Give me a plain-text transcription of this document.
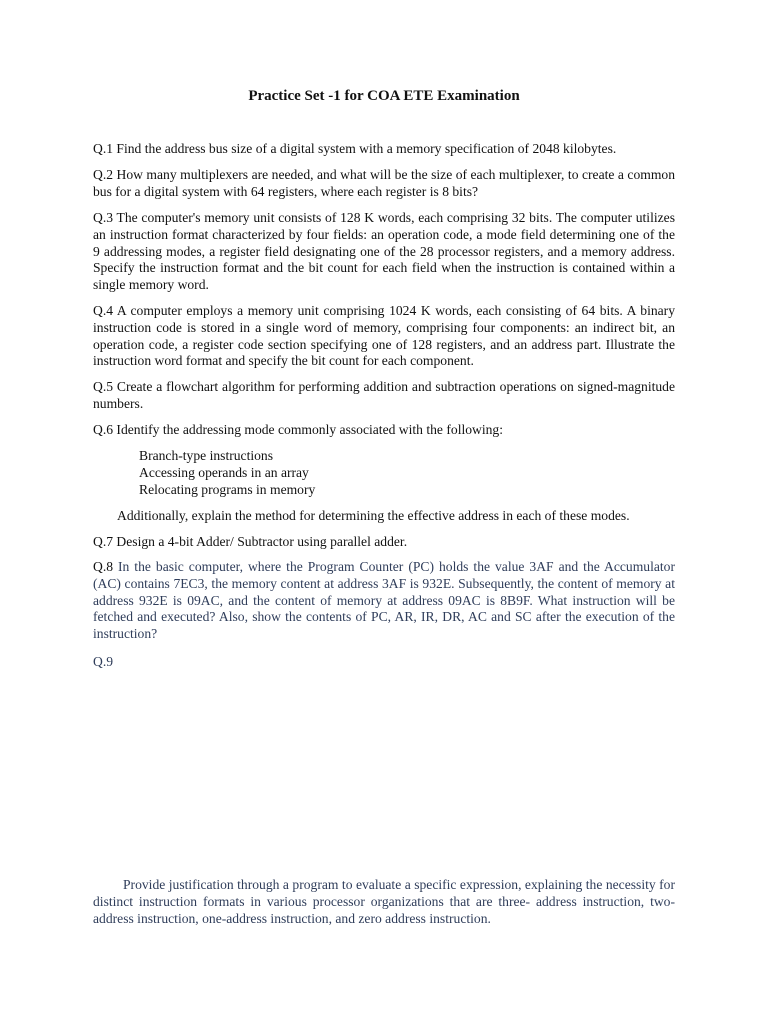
Practice Set -1 for COA ETE Examination

Q.1 Find the address bus size of a digital system with a memory specification of 2048 kilobytes.

Q.2 How many multiplexers are needed, and what will be the size of each multiplexer, to create a common bus for a digital system with 64 registers, where each register is 8 bits?

Q.3 The computer's memory unit consists of 128 K words, each comprising 32 bits. The computer utilizes an instruction format characterized by four fields: an operation code, a mode field determining one of the 9 addressing modes, a register field designating one of the 28 processor registers, and a memory address. Specify the instruction format and the bit count for each field when the instruction is contained within a single memory word.

Q.4 A computer employs a memory unit comprising 1024 K words, each consisting of 64 bits. A binary instruction code is stored in a single word of memory, comprising four components: an indirect bit, an operation code, a register code section specifying one of 128 registers, and an address part. Illustrate the instruction word format and specify the bit count for each component.

Q.5 Create a flowchart algorithm for performing addition and subtraction operations on signed-magnitude numbers.

Q.6 Identify the addressing mode commonly associated with the following:

Branch-type instructions
Accessing operands in an array
Relocating programs in memory

Additionally, explain the method for determining the effective address in each of these modes.

Q.7 Design a 4-bit Adder/ Subtractor using parallel adder.

Q.8 In the basic computer, where the Program Counter (PC) holds the value 3AF and the Accumulator (AC) contains 7EC3, the memory content at address 3AF is 932E. Subsequently, the content of memory at address 932E is 09AC, and the content of memory at address 09AC is 8B9F. What instruction will be fetched and executed? Also, show the contents of PC, AR, IR, DR, AC and SC after the execution of the instruction?

Q.9

Provide justification through a program to evaluate a specific expression, explaining the necessity for distinct instruction formats in various processor organizations that are three- address instruction, two-address instruction, one-address instruction, and zero address instruction.
